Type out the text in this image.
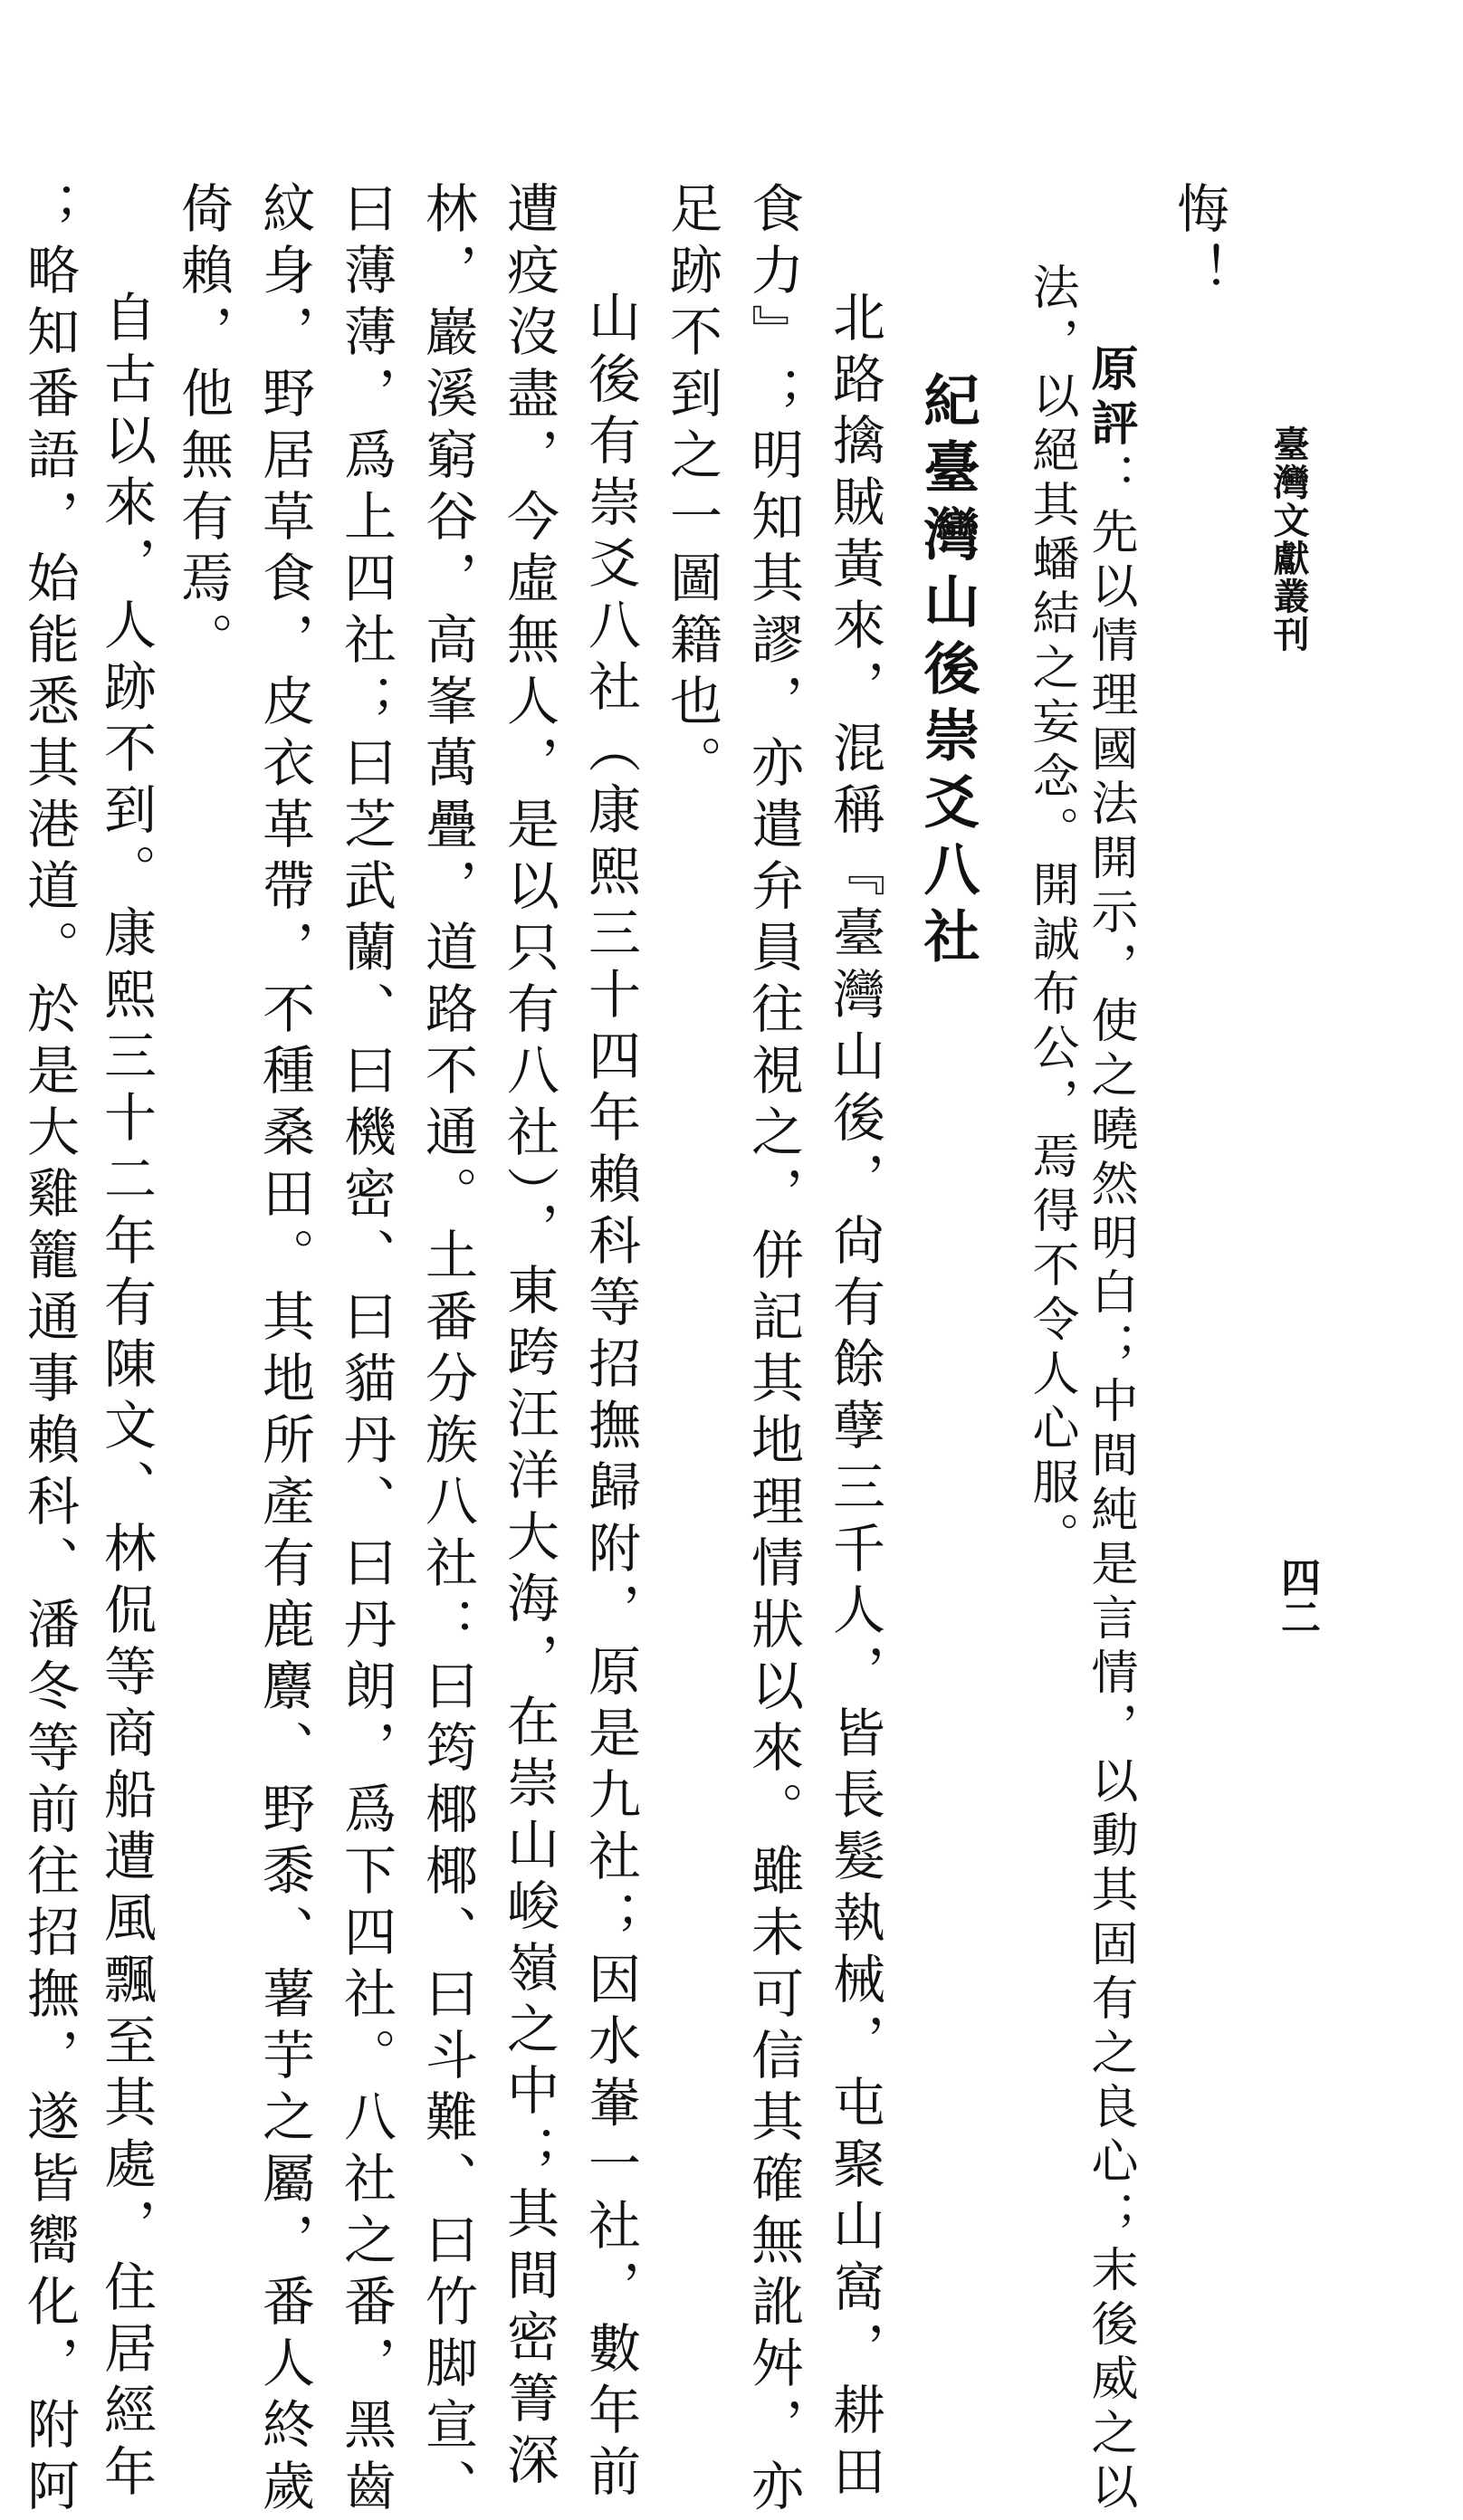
臺灣文獻叢刊
四二
悔！
原評：先以情理國法開示，使之曉然明白；中間純是言情，以動其固有之良心；末後威之以
法，以絕其蟠結之妄念。開誠布公，焉得不令人心服。
紀臺灣山後崇爻八社
北路擒賊黃來，混稱『臺灣山後，尙有餘孽三千人，皆長髮執械，屯聚山窩，耕田
食力』；明知其謬，亦遣弁員往視之，併記其地理情狀以來。雖未可信其確無訛舛，亦
足跡不到之一圖籍也。
山後有崇爻八社（康熙三十四年賴科等招撫歸附，原是九社；因水輋一社，數年前
遭疫沒盡，今虛無人，是以只有八社），東跨汪洋大海，在崇山峻嶺之中；其間密箐深
林，巖溪窮谷，高峯萬疊，道路不通。土番分族八社：曰筠椰椰、曰斗難、曰竹脚宣、
曰薄薄，爲上四社；曰芝武蘭、曰機密、曰貓丹、曰丹朗，爲下四社。八社之番，黑齒
紋身，野居草食，皮衣革帶，不種桑田。其地所產有鹿麖、野黍、薯芋之屬，番人終歲
倚賴，他無有焉。
自古以來，人跡不到。康熙三十二年有陳文、林侃等商船遭風飄至其處，住居經年
；略知番語，始能悉其港道。於是大雞籠通事賴科、潘冬等前往招撫，遂皆嚮化，附阿
